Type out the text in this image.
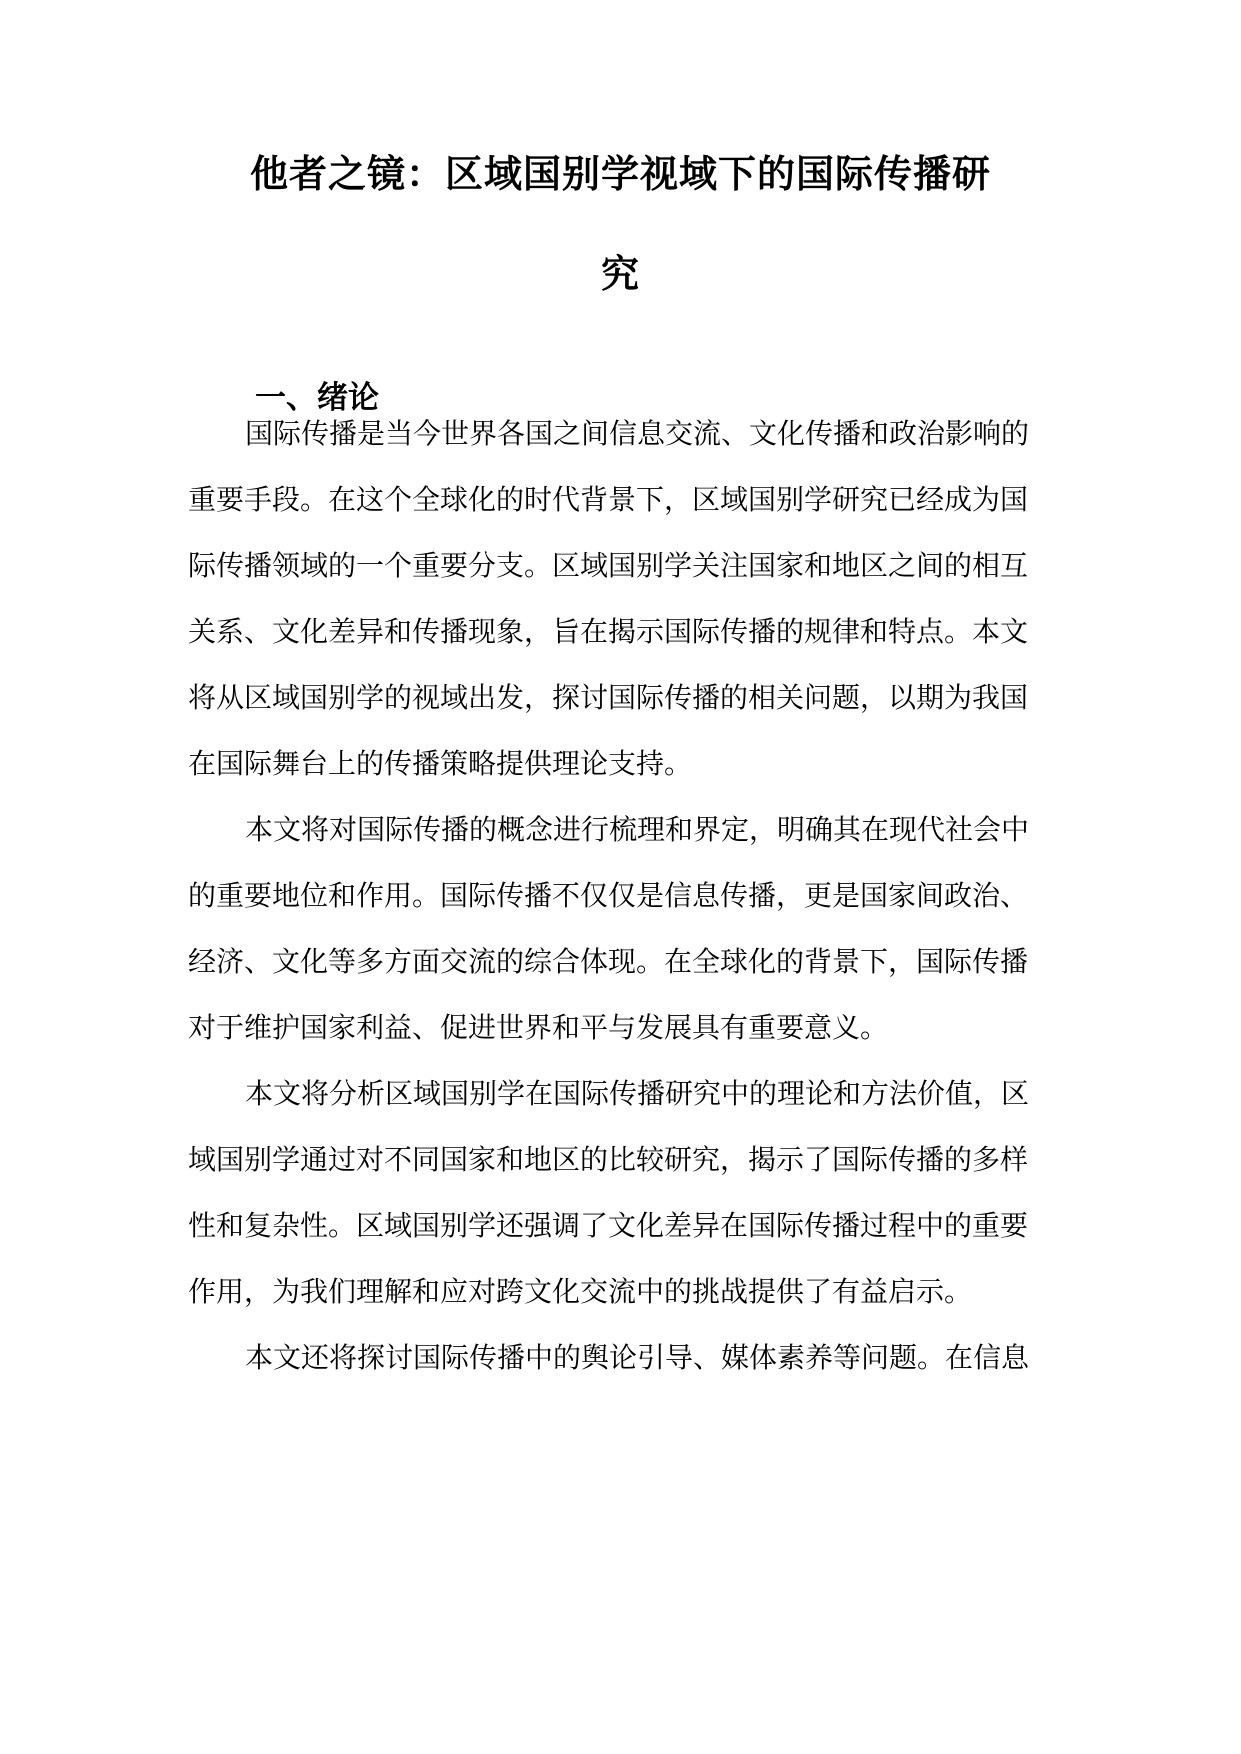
他者之镜：区域国别学视域下的国际传播研
究
一、绪论

国际传播是当今世界各国之间信息交流、文化传播和政治影响的

重要手段。在这个全球化的时代背景下，区域国别学研究已经成为国

际传播领域的一个重要分支。区域国别学关注国家和地区之间的相互

关系、文化差异和传播现象，旨在揭示国际传播的规律和特点。本文

将从区域国别学的视域出发，探讨国际传播的相关问题，以期为我国

在国际舞台上的传播策略提供理论支持。

本文将对国际传播的概念进行梳理和界定，明确其在现代社会中

的重要地位和作用。国际传播不仅仅是信息传播，更是国家间政治、

经济、文化等多方面交流的综合体现。在全球化的背景下，国际传播

对于维护国家利益、促进世界和平与发展具有重要意义。

本文将分析区域国别学在国际传播研究中的理论和方法价值，区

域国别学通过对不同国家和地区的比较研究，揭示了国际传播的多样

性和复杂性。区域国别学还强调了文化差异在国际传播过程中的重要

作用，为我们理解和应对跨文化交流中的挑战提供了有益启示。

本文还将探讨国际传播中的舆论引导、媒体素养等问题。在信息
